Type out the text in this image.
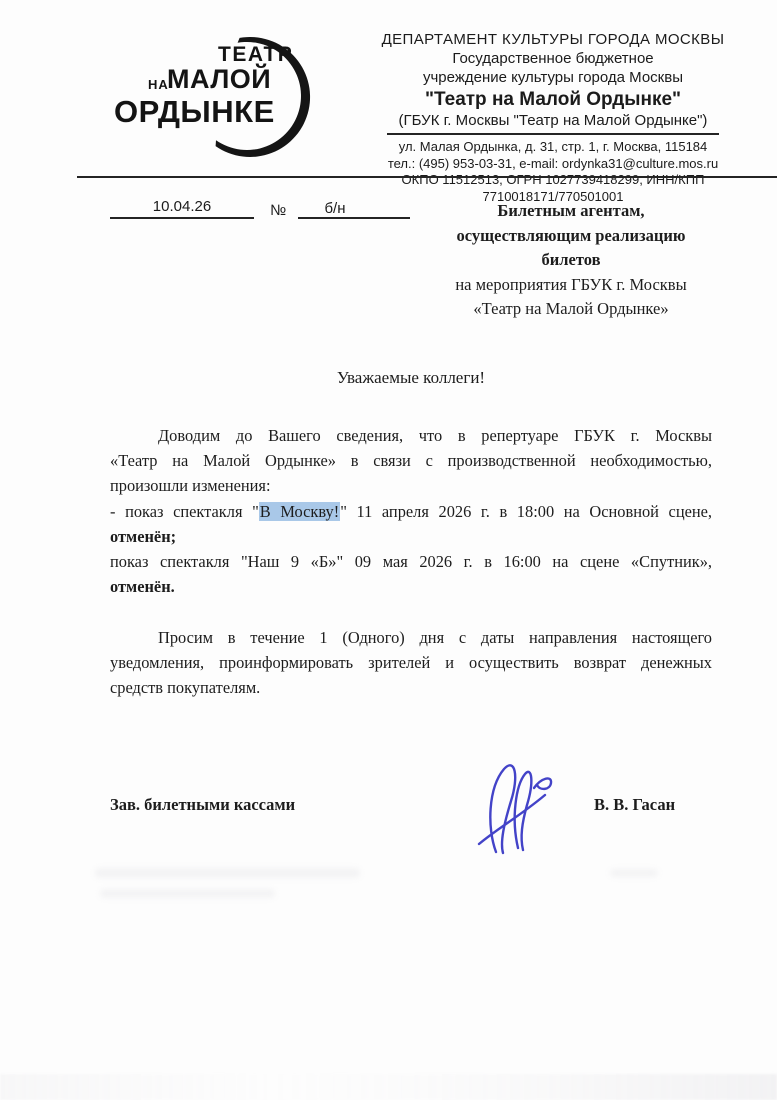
ТЕАТР
НА
МАЛОЙ
ОРДЫНКЕ
ДЕПАРТАМЕНТ КУЛЬТУРЫ ГОРОДА МОСКВЫ
Государственное бюджетное
учреждение культуры города Москвы
"Театр на Малой Ордынке"
(ГБУК г. Москвы "Театр на Малой Ордынке")
ул. Малая Ордынка, д. 31, стр. 1, г. Москва, 115184
тел.: (495) 953-03-31, e-mail: ordynka31@culture.mos.ru
ОКПО 11512513, ОГРН 1027739418299, ИНН/КПП 7710018171/770501001
10.04.26	№	б/н	Билетным агентам,
осуществляющим реализацию
билетов
на мероприятия ГБУК г. Москвы
«Театр на Малой Ордынке»
Уважаемые коллеги!
Доводим до Вашего сведения, что в репертуаре ГБУК г. Москвы
«Театр на Малой Ордынке» в связи с производственной необходимостью,
произошли изменения:
- показ спектакля "В Москву!" 11 апреля 2026 г. в 18:00 на Основной сцене,
отменён;
показ спектакля "Наш 9 «Б»" 09 мая 2026 г. в 16:00 на сцене «Спутник»,
отменён.
Просим в течение 1 (Одного) дня с даты направления настоящего
уведомления, проинформировать зрителей и осуществить возврат денежных
средств покупателям.
Зав. билетными кассами	В. В. Гасан
